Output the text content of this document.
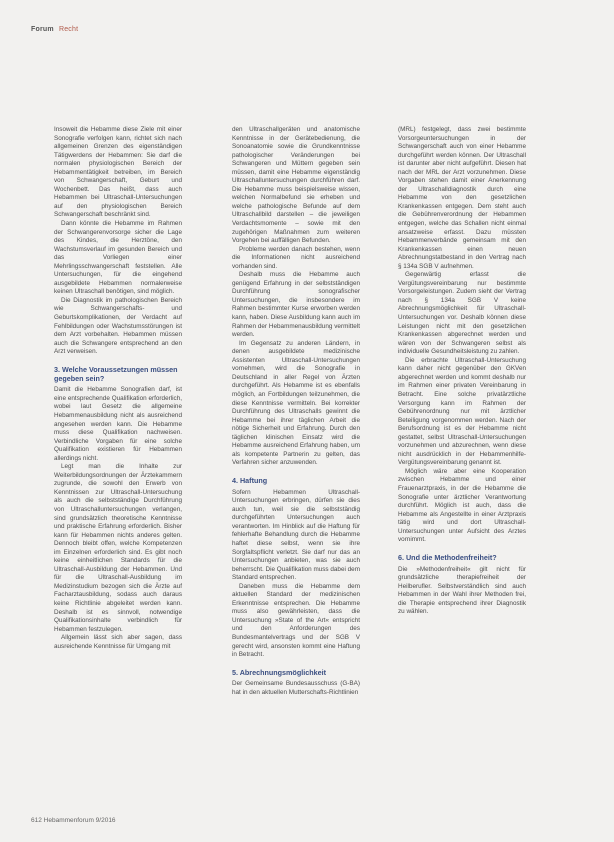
Forum Recht

Insoweit die Hebamme diese Ziele mit einer Sonografie verfolgen kann, richtet sich nach allgemeinen Grenzen des eigenständigen Tätigwerdens der Hebammen: Sie darf die normalen physiologischen Bereich der Hebammentätigkeit betreiben, im Bereich von Schwangerschaft, Geburt und Wochenbett. Das heißt, dass auch Hebammen bei Ultraschall-Untersuchungen auf den physiologischen Bereich Schwangerschaft beschränkt sind.

Dann könnte die Hebamme im Rahmen der Schwangerenvorsorge sicher die Lage des Kindes, die Herztöne, den Wachstumsverlauf im gesunden Bereich und das Vorliegen einer Mehrlingsschwangerschaft feststellen. Alle Untersuchungen, für die eingehend ausgebildete Hebammen normalerweise keinen Ultraschall benötigen, sind möglich.

Die Diagnostik im pathologischen Bereich wie Schwangerschafts- und Geburtskomplikationen, der Verdacht auf Fehlbildungen oder Wachstumsstörungen ist dem Arzt vorbehalten. Hebammen müssen auch die Schwangere entsprechend an den Arzt verweisen.

3. Welche Voraussetzungen müssen gegeben sein?

Damit die Hebamme Sonografien darf, ist eine entsprechende Qualifikation erforderlich, wobei laut Gesetz die allgemeine Hebammenausbildung nicht als ausreichend angesehen werden kann. Die Hebamme muss diese Qualifikation nachweisen. Verbindliche Vorgaben für eine solche Qualifikation existieren für Hebammen allerdings nicht.

Legt man die Inhalte zur Weiterbildungsordnungen der Ärztekammern zugrunde, die sowohl den Erwerb von Kenntnissen zur Ultraschall-Untersuchung als auch die selbstständige Durchführung von Ultraschalluntersuchungen verlangen, sind grundsätzlich theoretische Kenntnisse und praktische Erfahrung erforderlich. Bisher kann für Hebammen nichts anderes gelten. Dennoch bleibt offen, welche Kompetenzen im Einzelnen erforderlich sind. Es gibt noch keine einheitlichen Standards für die Ultraschall-Ausbildung der Hebammen. Und für die Ultraschall-Ausbildung im Medizinstudium bezogen sich die Ärzte auf Facharztausbildung, sodass auch daraus keine Richtlinie abgeleitet werden kann. Deshalb ist es sinnvoll, notwendige Qualifikationsinhalte verbindlich für Hebammen festzulegen.

Allgemein lässt sich aber sagen, dass ausreichende Kenntnisse für Umgang mit

den Ultraschallgeräten und anatomische Kenntnisse in der Gerätebedienung, die Sonoanatomie sowie die Grundkenntnisse pathologischer Veränderungen bei Schwangeren und Müttern gegeben sein müssen, damit eine Hebamme eigenständig Ultraschalluntersuchungen durchführen darf. Die Hebamme muss beispielsweise wissen, welchen Normalbefund sie erheben und welche pathologische Befunde auf dem Ultraschallbild darstellen – die jeweiligen Verdachtsmomente – sowie mit den zugehörigen Maßnahmen zum weiteren Vorgehen bei auffälligen Befunden.

Probleme werden danach bestehen, wenn die Informationen nicht ausreichend vorhanden sind.

Deshalb muss die Hebamme auch genügend Erfahrung in der selbstständigen Durchführung sonografischer Untersuchungen, die insbesondere im Rahmen bestimmter Kurse erworben werden kann, haben. Diese Ausbildung kann auch im Rahmen der Hebammenausbildung vermittelt werden.

Im Gegensatz zu anderen Ländern, in denen ausgebildete medizinische Assistenten Ultraschall-Untersuchungen vornehmen, wird die Sonografie in Deutschland in aller Regel von Ärzten durchgeführt. Als Hebamme ist es ebenfalls möglich, an Fortbildungen teilzunehmen, die diese Kenntnisse vermitteln. Bei korrekter Durchführung des Ultraschalls gewinnt die Hebamme bei ihrer täglichen Arbeit die nötige Sicherheit und Erfahrung. Durch den täglichen klinischen Einsatz wird die Hebamme ausreichend Erfahrung haben, um als kompetente Partnerin zu gelten, das Verfahren sicher anzuwenden.

4. Haftung

Sofern Hebammen Ultraschall-Untersuchungen erbringen, dürfen sie dies auch tun, weil sie die selbstständig durchgeführten Untersuchungen auch verantworten. Im Hinblick auf die Haftung für fehlerhafte Behandlung durch die Hebamme haftet diese selbst, wenn sie ihre Sorgfaltspflicht verletzt. Sie darf nur das an Untersuchungen anbieten, was sie auch beherrscht. Die Qualifikation muss dabei dem Standard entsprechen.

Daneben muss die Hebamme dem aktuellen Standard der medizinischen Erkenntnisse entsprechen. Die Hebamme muss also gewährleisten, dass die Untersuchung »State of the Art« entspricht und den Anforderungen des Bundesmantelvertrags und der SGB V gerecht wird, ansonsten kommt eine Haftung in Betracht.

5. Abrechnungsmöglichkeit

Der Gemeinsame Bundesausschuss (G-BA) hat in den aktuellen Mutterschafts-Richtlinien

(MRL) festgelegt, dass zwei bestimmte Vorsorgeuntersuchungen in der Schwangerschaft auch von einer Hebamme durchgeführt werden können. Der Ultraschall ist darunter aber nicht aufgeführt. Diesen hat nach der MRL der Arzt vorzunehmen. Diese Vorgaben stehen damit einer Anerkennung der Ultraschalldiagnostik durch eine Hebamme von den gesetzlichen Krankenkassen entgegen. Dem steht auch die Gebührenverordnung der Hebammen entgegen, welche das Schallen nicht einmal ansatzweise erfasst. Dazu müssten Hebammenverbände gemeinsam mit den Krankenkassen einen neuen Abrechnungstatbestand in den Vertrag nach § 134a SGB V aufnehmen.

Gegenwärtig erfasst die Vergütungsvereinbarung nur bestimmte Vorsorgeleistungen. Zudem sieht der Vertrag nach § 134a SGB V keine Abrechnungsmöglichkeit für Ultraschall-Untersuchungen vor. Deshalb können diese Leistungen nicht mit den gesetzlichen Krankenkassen abgerechnet werden und wären von der Schwangeren selbst als individuelle Gesundheitsleistung zu zahlen.

Die erbrachte Ultraschall-Untersuchung kann daher nicht gegenüber den GKVen abgerechnet werden und kommt deshalb nur im Rahmen einer privaten Vereinbarung in Betracht. Eine solche privatärztliche Versorgung kann im Rahmen der Gebührenordnung nur mit ärztlicher Beteiligung vorgenommen werden. Nach der Berufsordnung ist es der Hebamme nicht gestattet, selbst Ultraschall-Untersuchungen vorzunehmen und abzurechnen, wenn diese nicht ausdrücklich in der Hebammenhilfe-Vergütungsvereinbarung genannt ist.

Möglich wäre aber eine Kooperation zwischen Hebamme und einer Frauenarztpraxis, in der die Hebamme die Sonografie unter ärztlicher Verantwortung durchführt. Möglich ist auch, dass die Hebamme als Angestellte in einer Arztpraxis tätig wird und dort Ultraschall-Untersuchungen unter Aufsicht des Arztes vornimmt.

6. Und die Methodenfreiheit?

Die »Methodenfreiheit« gilt nicht für grundsätzliche therapiefreiheit der Heilberufler. Selbstverständlich sind auch Hebammen in der Wahl ihrer Methoden frei, die Therapie entsprechend ihrer Diagnostik zu wählen.

612 Hebammenforum 9/2016
